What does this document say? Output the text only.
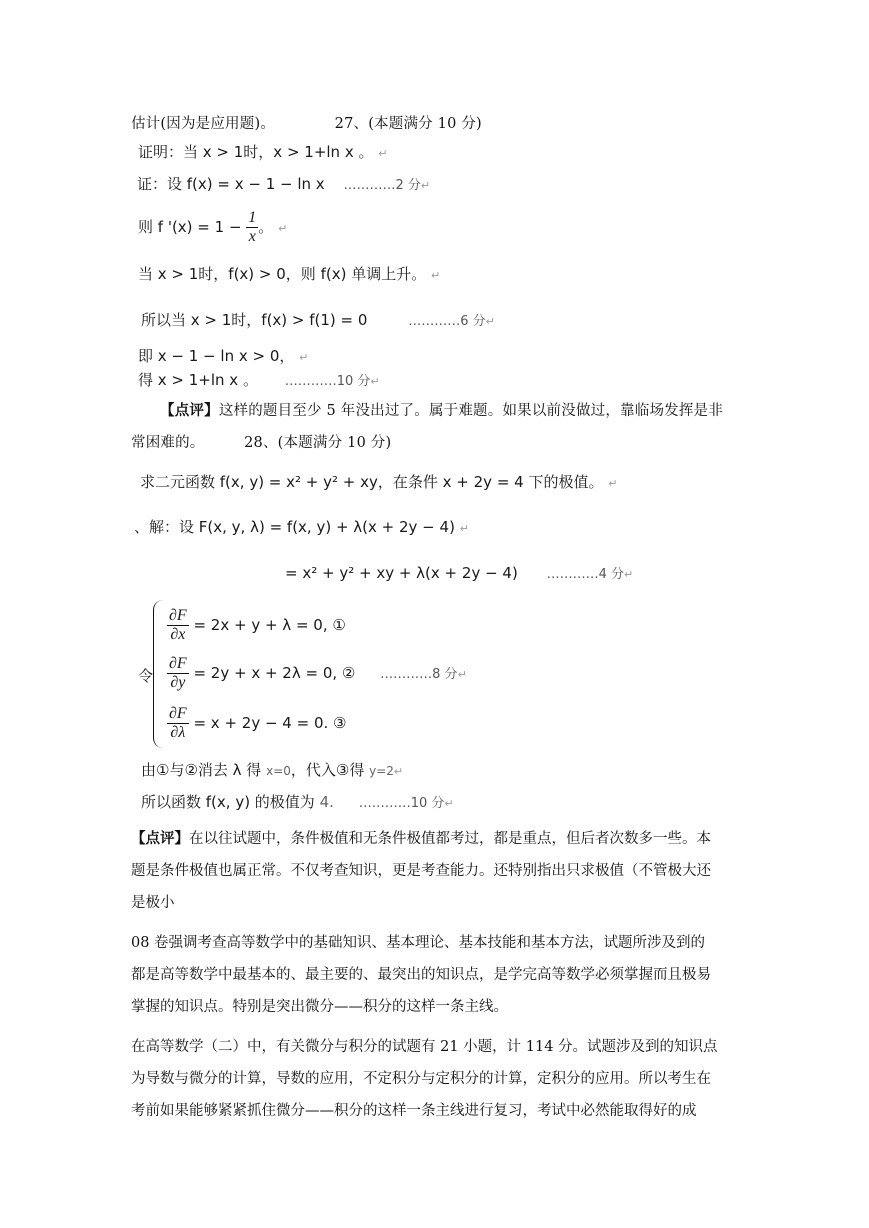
估计(因为是应用题)。	27、(本题满分 10 分)
证明：当 x > 1时，x > 1+ln x 。 ↵
证：设 f(x) = x − 1 − ln x …………2 分↵
则 f '$(x) = 1 - \frac{1}{x}$ 。 ↵
当 x > 1时，f(x) > 0，则 f(x) 单调上升。 ↵
所以当 x > 1时，f(x) > f(1) = 0	…………6 分↵
即 x − 1 − ln x > 0， ↵
得 x > 1+ln x 。 …………10 分↵
【点评】这样的题目至少 5 年没出过了。属于难题。如果以前没做过，靠临场发挥是非
常困难的。	28、(本题满分 10 分)
求二元函数 f(x, y) = x² + y² + xy，在条件 x + 2y = 4 下的极值。 ↵
、解：设 F(x, y, λ) = f(x, y) + λ(x + 2y − 4) ↵
= x² + y² + xy + λ(x + 2y − 4) …………4 分↵
令
$\frac{\partial F}{\partial x} = 2x + y + \lambda = 0$, ①
$\frac{\partial F}{\partial y} = 2y + x + 2\lambda = 0$, ② …………8 分↵
$\frac{\partial F}{\partial\lambda} = x + 2y - 4 = 0$. ③
由①与②消去 λ 得 x=0，代入③得 y=2↵
所以函数 f(x, y) 的极值为 4. …………10 分↵
【点评】在以往试题中，条件极值和无条件极值都考过，都是重点，但后者次数多一些。本
题是条件极值也属正常。不仅考查知识，更是考查能力。还特别指出只求极值（不管极大还
是极小
08 卷强调考查高等数学中的基础知识、基本理论、基本技能和基本方法，试题所涉及到的
都是高等数学中最基本的、最主要的、最突出的知识点，是学完高等数学必须掌握而且极易
掌握的知识点。特别是突出微分——积分的这样一条主线。
在高等数学（二）中，有关微分与积分的试题有 21 小题，计 114 分。试题涉及到的知识点
为导数与微分的计算，导数的应用，不定积分与定积分的计算，定积分的应用。所以考生在
考前如果能够紧紧抓住微分——积分的这样一条主线进行复习，考试中必然能取得好的成
